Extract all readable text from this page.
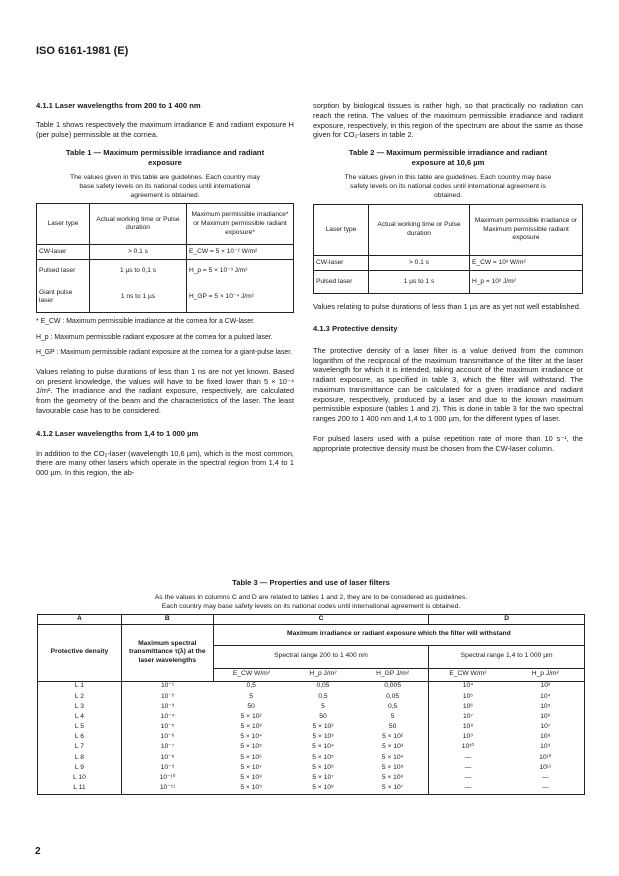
ISO 6161-1981 (E)
4.1.1 Laser wavelengths from 200 to 1 400 nm

Table 1 shows respectively the maximum irradiance E and radiant exposure H (per pulse) permissible at the cornea.

Table 1 — Maximum permissible irradiance and radiant exposure
The values given in this table are guidelines. Each country may base safety levels on its national codes until international agreement is obtained.
Laser type	Actual working time or Pulse duration	Maximum permissible irradiance* or Maximum permissible radiant exposure*
CW-laser	> 0.1 s	E_CW = 5 × 10⁻² W/m²
Pulsed laser	1 µs to 0,1 s	H_p = 5 × 10⁻³ J/m²
Giant pulse laser	1 ns to 1 µs	H_GP = 5 × 10⁻⁴ J/m²

* E_CW : Maximum permissible irradiance at the cornea for a CW-laser.

H_p : Maximum permissible radiant exposure at the cornea for a pulsed laser.

H_GP : Maximum permissible radiant exposure at the cornea for a giant-pulse laser.

Values relating to pulse durations of less than 1 ns are not yet known. Based on present knowledge, the values will have to be fixed lower than 5 × 10⁻⁴ J/m². The irradiance and the radiant exposure, respectively, are calculated from the geometry of the beam and the characteristics of the laser. The least favourable case has to be considered.

4.1.2 Laser wavelengths from 1,4 to 1 000 µm

In addition to the CO₂-laser (wavelength 10,6 µm), which is the most common, there are many other lasers which operate in the spectral region from 1,4 to 1 000 µm. In this region, the ab-

sorption by biological tissues is rather high, so that practically no radiation can reach the retina. The values of the maximum permissible irradiance and radiant exposure, respectively, in this region of the spectrum are about the same as those given for CO₂-lasers in table 2.

Table 2 — Maximum permissible irradiance and radiant exposure at 10,6 µm
The values given in this table are guidelines. Each country may base safety levels on its national codes until international agreement is obtained.
Laser type	Actual working time or Pulse duration	Maximum permissible irradiance or Maximum permissible radiant exposure
CW-laser	> 0.1 s	E_CW = 10³ W/m²
Pulsed laser	1 µs to 1 s	H_p = 10² J/m²

Values relating to pulse durations of less than 1 µs are as yet not well established.

4.1.3 Protective density

The protective density of a laser filter is a value derived from the common logarithm of the reciprocal of the maximum transmittance of the filter at the laser wavelength for which it is intended, taking account of the maximum irradiance or radiant exposure, as specified in table 3, which the filter will withstand. The maximum transmittance can be calculated for a given irradiance and radiant exposure, respectively, produced by a laser and due to the known maximum permissible exposure (tables 1 and 2). This is done in table 3 for the two spectral ranges 200 to 1 400 nm and 1,4 to 1 000 µm, for the different types of laser.

For pulsed lasers used with a pulse repetition rate of more than 10 s⁻¹, the appropriate protective density must be chosen from the CW-laser column.

Table 3 — Properties and use of laser filters
As the values in columns C and D are related to tables 1 and 2, they are to be considered as guidelines.
Each country may base safety levels on its national codes until international agreement is obtained.
A	B	C			D	
Protective density	Maximum spectral transmittance τ(λ) at the laser wavelengths	Maximum irradiance or radiant exposure which the filter will withstand				
		Spectral range 200 to 1 400 nm			Spectral range 1,4 to 1 000 µm	
		E_CW W/m²	H_p J/m²	H_GP J/m²	E_CW W/m²	H_p J/m²
L 1	10⁻¹	0,5	0,05	0,005	10⁴	10³
L 2	10⁻²	5	0,5	0,05	10⁵	10⁴
L 3	10⁻³	50	5	0,5	10⁶	10⁵
L 4	10⁻⁴	5 × 10²	50	5	10⁷	10⁶
L 5	10⁻⁵	5 × 10³	5 × 10²	50	10⁸	10⁷
L 6	10⁻⁶	5 × 10⁴	5 × 10³	5 × 10²	10⁹	10⁸
L 7	10⁻⁷	5 × 10⁵	5 × 10⁴	5 × 10³	10¹⁰	10⁹
L 8	10⁻⁸	5 × 10⁶	5 × 10⁵	5 × 10⁴	—	10¹⁰
L 9	10⁻⁹	5 × 10⁷	5 × 10⁶	5 × 10⁵	—	10¹¹
L 10	10⁻¹⁰	5 × 10⁸	5 × 10⁷	5 × 10⁶	—	—
L 11	10⁻¹¹	5 × 10⁹	5 × 10⁸	5 × 10⁷	—	—
2
